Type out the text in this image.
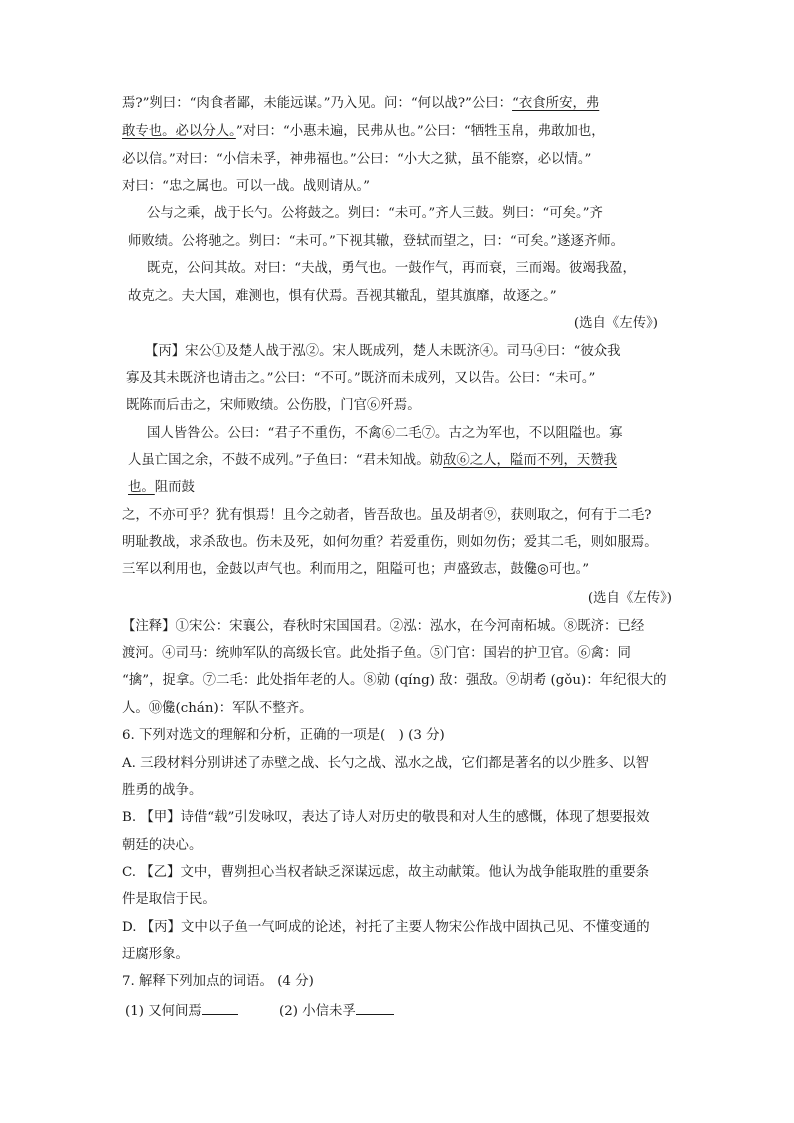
焉?”刿曰：“肉食者鄙，未能远谋。”乃入见。问：“何以战?”公曰：“衣食所安，弗
敢专也。必以分人。”对曰：“小惠未遍，民弗从也。”公曰：“牺牲玉帛，弗敢加也，
必以信。”对曰：“小信未孚，神弗福也。”公曰：“小大之狱，虽不能察，必以情。”
对曰：“忠之属也。可以一战。战则请从。”
公与之乘，战于长勺。公将鼓之。刿曰：“未可。”齐人三鼓。刿曰：“可矣。”齐
师败绩。公将驰之。刿曰：“未可。”下视其辙，登轼而望之，曰：“可矣。”遂逐齐师。
既克，公问其故。对曰：“夫战，勇气也。一鼓作气，再而衰，三而竭。彼竭我盈，
故克之。夫大国，难测也，惧有伏焉。吾视其辙乱，望其旗靡，故逐之。”
(选自《左传》)
【丙】宋公①及楚人战于泓②。宋人既成列，楚人未既济④。司马④曰：“彼众我
寡及其未既济也请击之。”公曰：“不可。”既济而未成列，又以告。公曰：“未可。”
既陈而后击之，宋师败绩。公伤股，门官⑥歼焉。
国人皆咎公。公曰：“君子不重伤，不禽⑥二毛⑦。古之为军也，不以阻隘也。寡
人虽亡国之余，不鼓不成列。”子鱼曰：“君未知战。勍敌⑥之人，隘而不列，天赞我
也。阻而鼓
之，不亦可乎？犹有惧焉！且今之勍者，皆吾敌也。虽及胡者⑨，获则取之，何有于二毛?
明耻教战，求杀敌也。伤未及死，如何勿重？若爱重伤，则如勿伤；爱其二毛，则如服焉。
三军以利用也，金鼓以声气也。利而用之，阻隘可也；声盛致志，鼓儳◎可也。”
(选自《左传》)
【注释】①宋公：宋襄公，春秋时宋国国君。②泓：泓水，在今河南柘城。⑧既济：已经
渡河。④司马：统帅军队的高级长官。此处指子鱼。⑤门官：国岩的护卫官。⑥禽：同
“擒”，捉拿。⑦二毛：此处指年老的人。⑧勍 (qíng) 敌：强敌。⑨胡耇 (gǒu)：年纪很大的
人。⑩儳(chán)：军队不整齐。
6. 下列对选文的理解和分析，正确的一项是(　) (3 分)
A. 三段材料分别讲述了赤壁之战、长勺之战、泓水之战，它们都是著名的以少胜多、以智
胜勇的战争。
B. 【甲】诗借“载”引发咏叹，表达了诗人对历史的敬畏和对人生的感慨，体现了想要报效
朝廷的决心。
C. 【乙】文中，曹刿担心当权者缺乏深谋远虑，故主动献策。他认为战争能取胜的重要条
件是取信于民。
D. 【丙】文中以子鱼一气呵成的论述，衬托了主要人物宋公作战中固执己见、不懂变通的
迂腐形象。
7. 解释下列加点的词语。 (4 分)
(1) 又何间焉	(2) 小信未孚
